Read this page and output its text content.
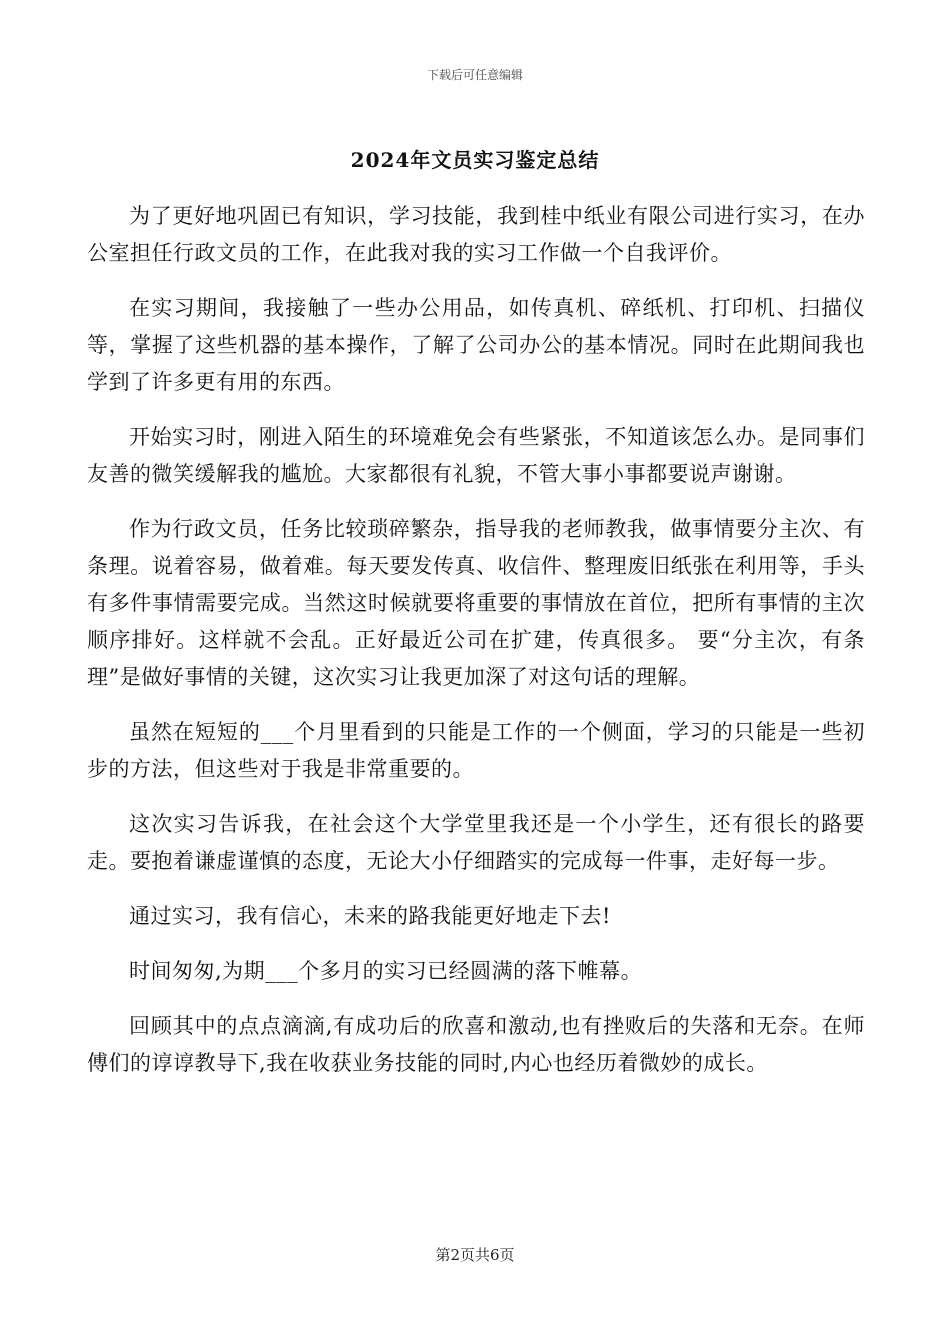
下载后可任意编辑
2024年文员实习鉴定总结

为了更好地巩固已有知识，学习技能，我到桂中纸业有限公司进行实习，在办公室担任行政文员的工作，在此我对我的实习工作做一个自我评价。

在实习期间，我接触了一些办公用品，如传真机、碎纸机、打印机、扫描仪等，掌握了这些机器的基本操作，了解了公司办公的基本情况。同时在此期间我也学到了许多更有用的东西。

开始实习时，刚进入陌生的环境难免会有些紧张，不知道该怎么办。是同事们友善的微笑缓解我的尴尬。大家都很有礼貌，不管大事小事都要说声谢谢。

作为行政文员，任务比较琐碎繁杂，指导我的老师教我，做事情要分主次、有条理。说着容易，做着难。每天要发传真、收信件、整理废旧纸张在利用等，手头有多件事情需要完成。当然这时候就要将重要的事情放在首位，把所有事情的主次顺序排好。这样就不会乱。正好最近公司在扩建，传真很多。 要“分主次，有条理”是做好事情的关键，这次实习让我更加深了对这句话的理解。

虽然在短短的___个月里看到的只能是工作的一个侧面，学习的只能是一些初步的方法，但这些对于我是非常重要的。

这次实习告诉我，在社会这个大学堂里我还是一个小学生，还有很长的路要走。要抱着谦虚谨慎的态度，无论大小仔细踏实的完成每一件事，走好每一步。

通过实习，我有信心，未来的路我能更好地走下去!

时间匆匆,为期___个多月的实习已经圆满的落下帷幕。

回顾其中的点点滴滴,有成功后的欣喜和激动,也有挫败后的失落和无奈。在师傅们的谆谆教导下,我在收获业务技能的同时,内心也经历着微妙的成长。

第2页共6页
